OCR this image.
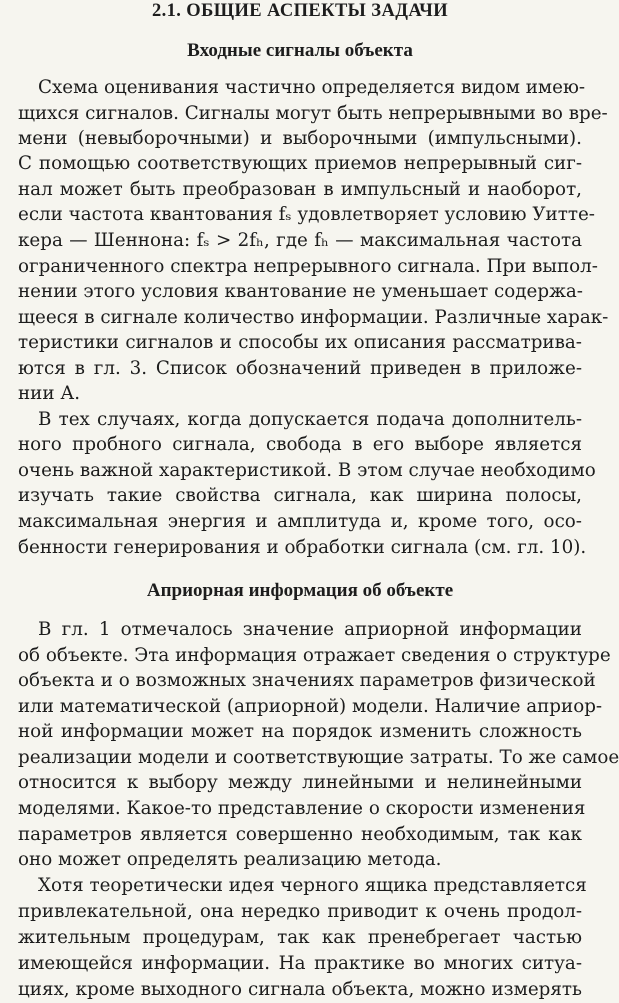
2.1. ОБЩИЕ АСПЕКТЫ ЗАДАЧИ
Входные сигналы объекта
Схема оценивания частично определяется видом имею-
щихся сигналов. Сигналы могут быть непрерывными во вре-
мени (невыборочными) и выборочными (импульсными).
С помощью соответствующих приемов непрерывный сиг-
нал может быть преобразован в импульсный и наоборот,
если частота квантования fₛ удовлетворяет условию Уиттe-
кера — Шеннона: fₛ > 2fₕ, где fₕ — максимальная частота
ограниченного спектра непрерывного сигнала. При выпол-
нении этого условия квантование не уменьшает содержа-
щееся в сигнале количество информации. Различные харак-
теристики сигналов и способы их описания рассматрива-
ются в гл. 3. Список обозначений приведен в приложе-
нии А.
В тех случаях, когда допускается подача дополнитель-
ного пробного сигнала, свобода в его выборе является
очень важной характеристикой. В этом случае необходимо
изучать такие свойства сигнала, как ширина полосы,
максимальная энергия и амплитуда и, кроме того, осо-
бенности генерирования и обработки сигнала (см. гл. 10).
Априорная информация об объекте
В гл. 1 отмечалось значение априорной информации
об объекте. Эта информация отражает сведения о структуре
объекта и о возможных значениях параметров физической
или математической (априорной) модели. Наличие априор-
ной информации может на порядок изменить сложность
реализации модели и соответствующие затраты. То же самое
относится к выбору между линейными и нелинейными
моделями. Какое-то представление о скорости изменения
параметров является совершенно необходимым, так как
оно может определять реализацию метода.
Хотя теоретически идея черного ящика представляется
привлекательной, она нередко приводит к очень продол-
жительным процедурам, так как пренебрегает частью
имеющейся информации. На практике во многих ситуа-
циях, кроме выходного сигнала объекта, можно измерять
